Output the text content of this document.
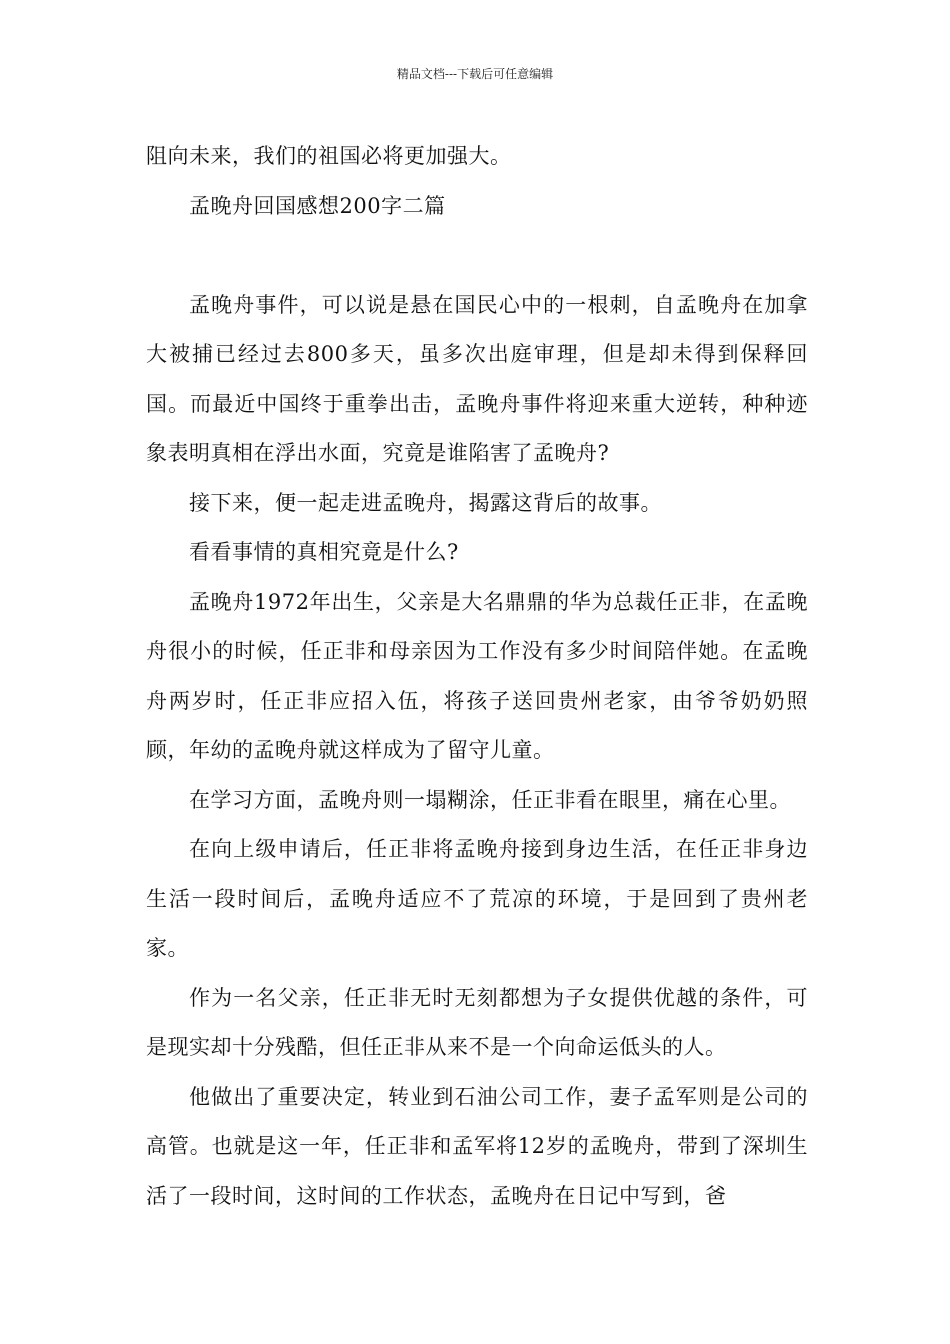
精品文档---下载后可任意编辑

阻向未来，我们的祖国必将更加强大。

孟晚舟回国感想200字二篇

孟晚舟事件，可以说是悬在国民心中的一根刺，自孟晚舟在加拿大被捕已经过去800多天，虽多次出庭审理，但是却未得到保释回国。而最近中国终于重拳出击，孟晚舟事件将迎来重大逆转，种种迹象表明真相在浮出水面，究竟是谁陷害了孟晚舟?

接下来，便一起走进孟晚舟，揭露这背后的故事。

看看事情的真相究竟是什么?

孟晚舟1972年出生，父亲是大名鼎鼎的华为总裁任正非，在孟晚舟很小的时候，任正非和母亲因为工作没有多少时间陪伴她。在孟晚舟两岁时，任正非应招入伍，将孩子送回贵州老家，由爷爷奶奶照顾，年幼的孟晚舟就这样成为了留守儿童。

在学习方面，孟晚舟则一塌糊涂，任正非看在眼里，痛在心里。

在向上级申请后，任正非将孟晚舟接到身边生活，在任正非身边生活一段时间后，孟晚舟适应不了荒凉的环境，于是回到了贵州老家。

作为一名父亲，任正非无时无刻都想为子女提供优越的条件，可是现实却十分残酷，但任正非从来不是一个向命运低头的人。

他做出了重要决定，转业到石油公司工作，妻子孟军则是公司的高管。也就是这一年，任正非和孟军将12岁的孟晚舟，带到了深圳生活了一段时间，这时间的工作状态，孟晚舟在日记中写到，爸
